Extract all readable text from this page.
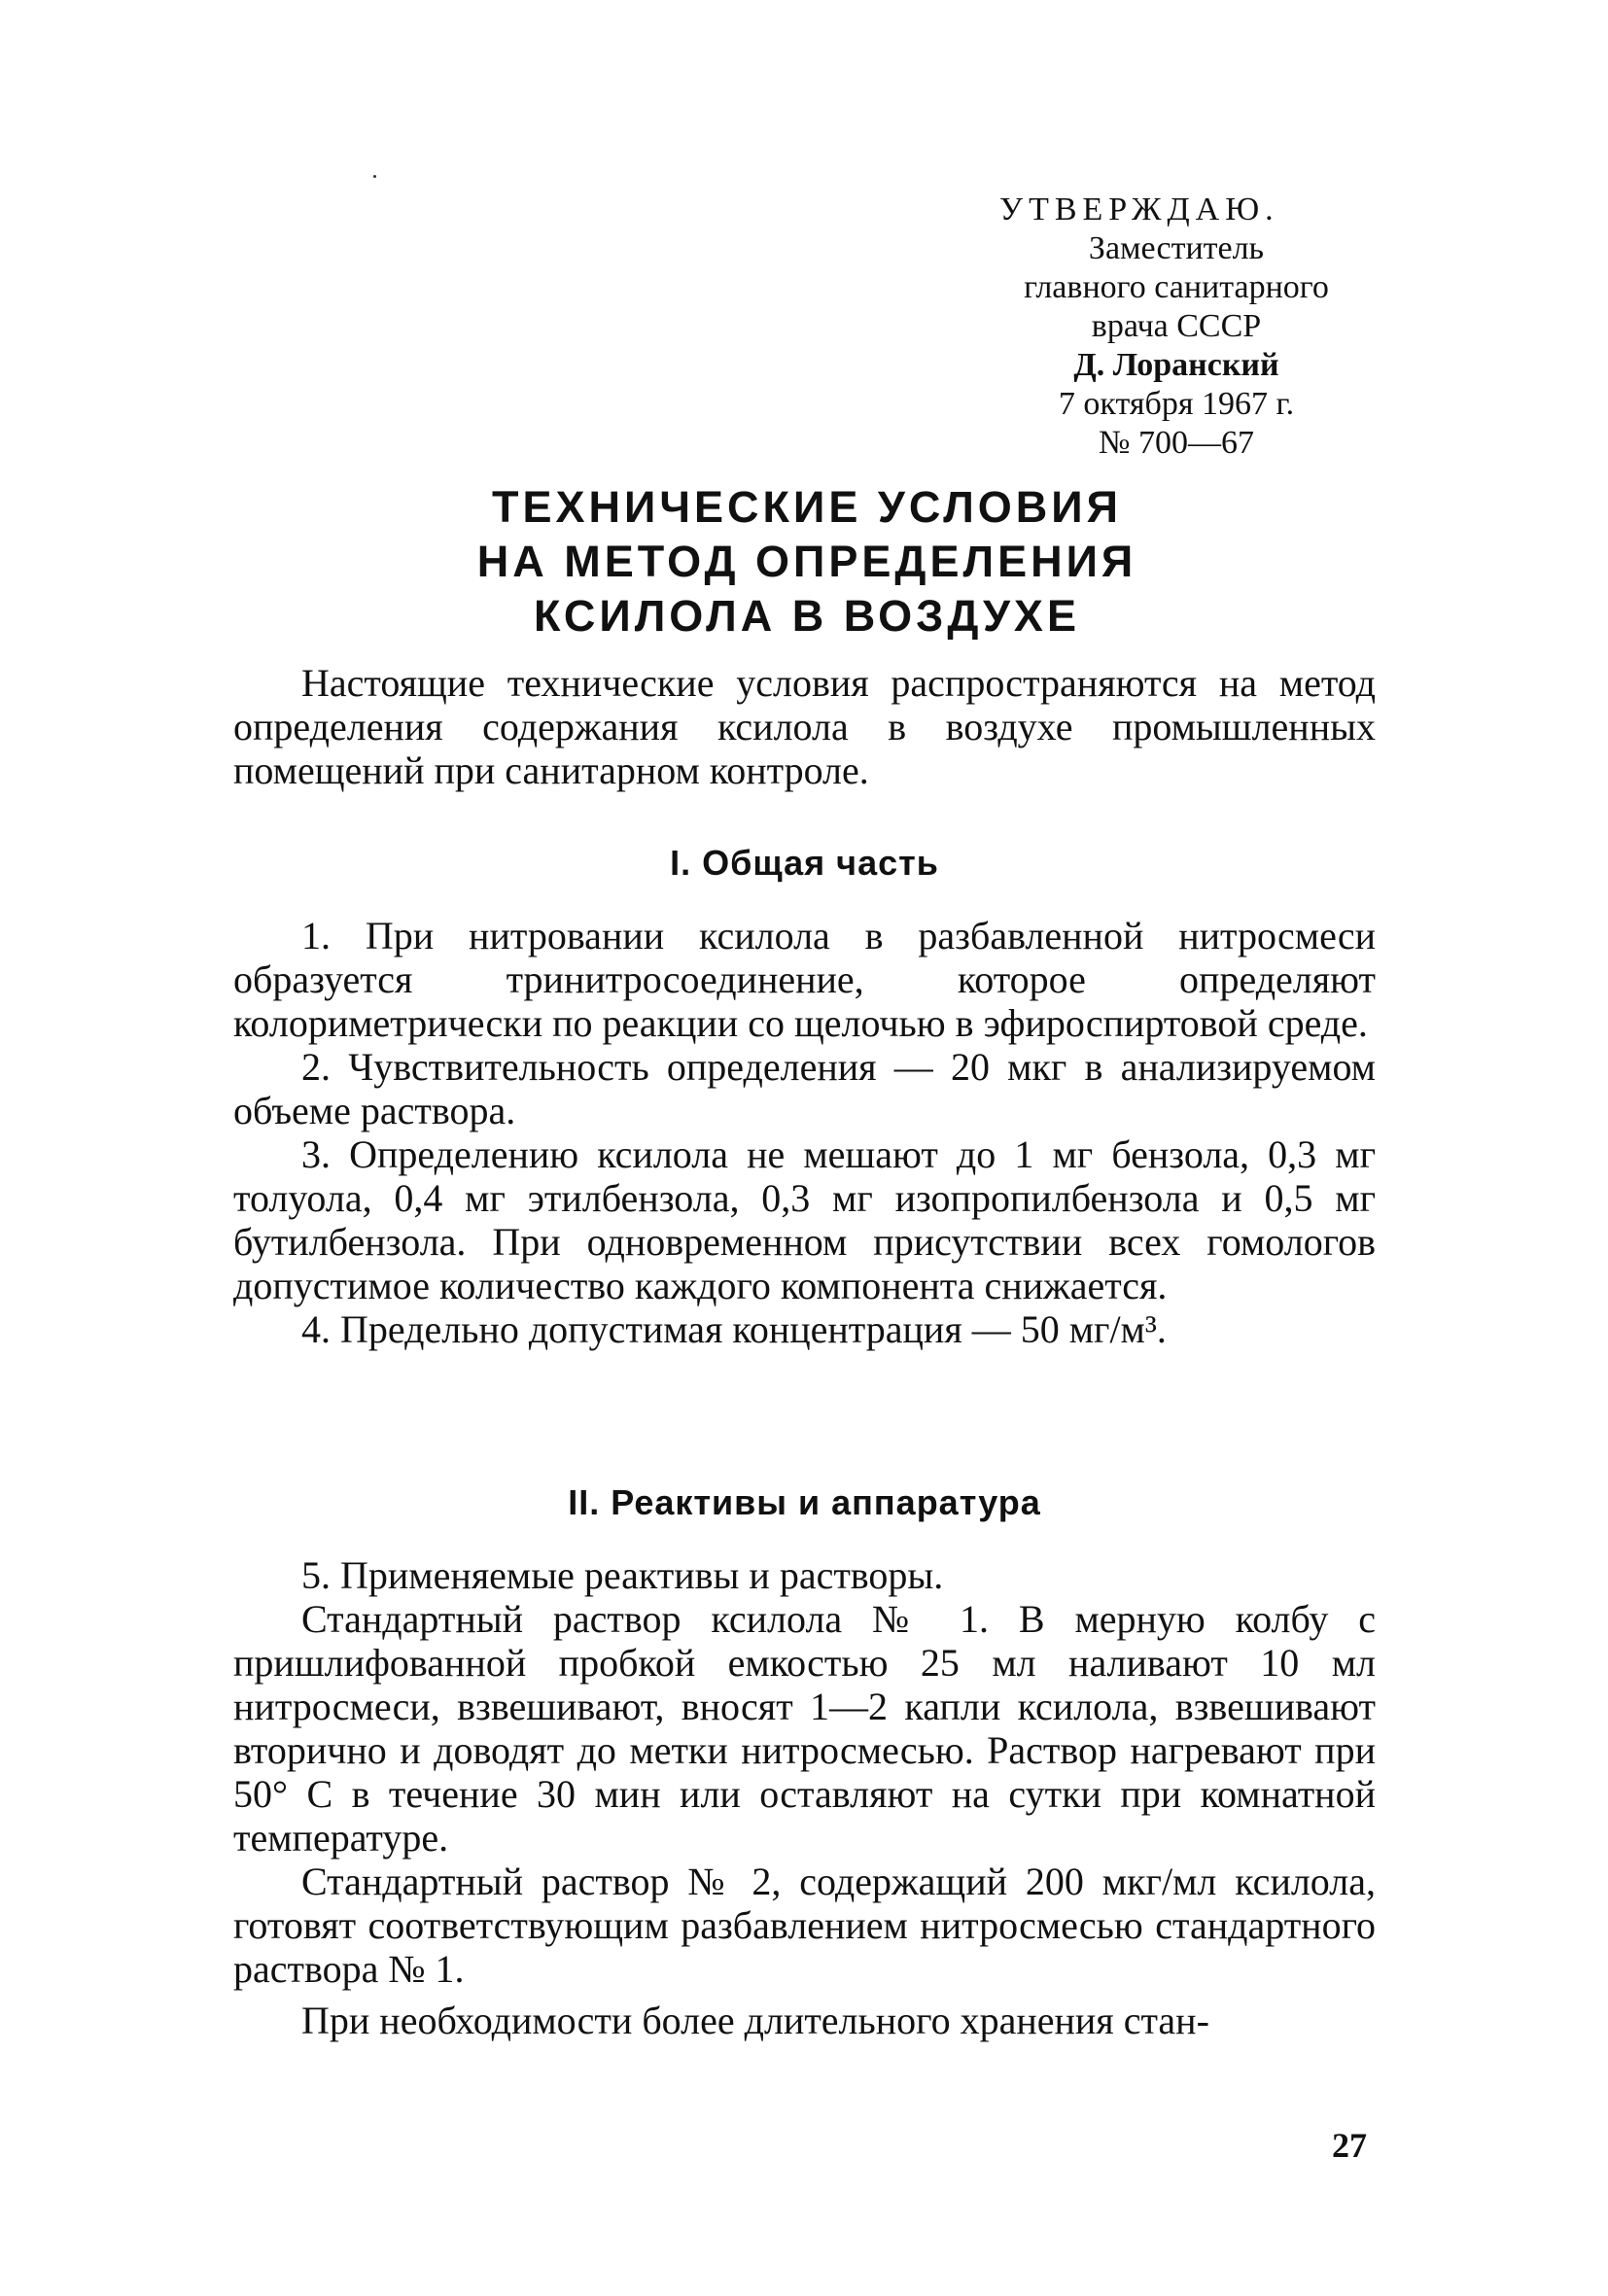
УТВЕРЖДАЮ.
Заместитель
главного санитарного
врача СССР
Д. Лоранский
7 октября 1967 г.
№ 700—67
ТЕХНИЧЕСКИЕ УСЛОВИЯ
НА МЕТОД ОПРЕДЕЛЕНИЯ
КСИЛОЛА В ВОЗДУХЕ

Настоящие технические условия распространяются на метод определения содержания ксилола в воздухе промышленных помещений при санитарном контроле.

I. Общая часть

1. При нитровании ксилола в разбавленной нитросмеси образуется тринитросоединение, которое определяют колориметрически по реакции со щелочью в эфироспиртовой среде.

2. Чувствительность определения — 20 мкг в анализируемом объеме раствора.

3. Определению ксилола не мешают до 1 мг бензола, 0,3 мг толуола, 0,4 мг этилбензола, 0,3 мг изопропилбензола и 0,5 мг бутилбензола. При одновременном присутствии всех гомологов допустимое количество каждого компонента снижается.

4. Предельно допустимая концентрация — 50 мг/м³.

II. Реактивы и аппаратура

5. Применяемые реактивы и растворы.

Стандартный раствор ксилола № 1. В мерную колбу с пришлифованной пробкой емкостью 25 мл наливают 10 мл нитросмеси, взвешивают, вносят 1—2 капли ксилола, взвешивают вторично и доводят до метки нитросмесью. Раствор нагревают при 50° С в течение 30 мин или оставляют на сутки при комнатной температуре.

Стандартный раствор № 2, содержащий 200 мкг/мл ксилола, готовят соответствующим разбавлением нитросмесью стандартного раствора № 1.

При необходимости более длительного хранения стан-

27
